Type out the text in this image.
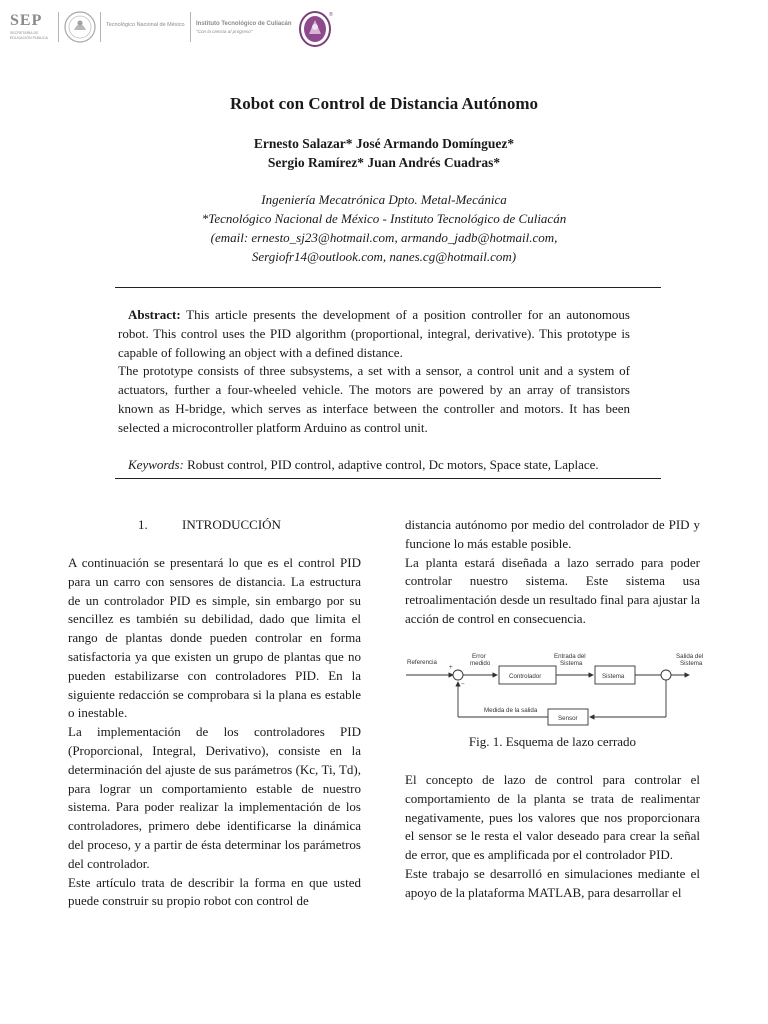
SEP
SECRETARÍA DE EDUCACIÓN PÚBLICA
Tecnológico Nacional de México Instituto Tecnológico de Culiacán
"Con la ciencia al progreso"
®
Robot con Control de Distancia Autónomo
Ernesto Salazar* José Armando Domínguez*
Sergio Ramírez* Juan Andrés Cuadras*
Ingeniería Mecatrónica Dpto. Metal-Mecánica
*Tecnológico Nacional de México - Instituto Tecnológico de Culiacán
(email: ernesto_sj23@hotmail.com, armando_jadb@hotmail.com,
Sergiofr14@outlook.com, nanes.cg@hotmail.com)

Abstract: This article presents the development of a position controller for an autonomous robot. This control uses the PID algorithm (proportional, integral, derivative). This prototype is capable of following an object with a defined distance.

The prototype consists of three subsystems, a set with a sensor, a control unit and a system of actuators, further a four-wheeled vehicle. The motors are powered by an array of transistors known as H-bridge, which serves as interface between the controller and motors. It has been selected a microcontroller platform Arduino as control unit.

Keywords: Robust control, PID control, adaptive control, Dc motors, Space state, Laplace.
1.	INTRODUCCIÓN

A continuación se presentará lo que es el control PID para un carro con sensores de distancia. La estructura de un controlador PID es simple, sin embargo por su sencillez es también su debilidad, dado que limita el rango de plantas donde pueden controlar en forma satisfactoria ya que existen un grupo de plantas que no pueden estabilizarse con controladores PID. En la siguiente redacción se comprobara si la plana es estable o inestable.

La implementación de los controladores PID (Proporcional, Integral, Derivativo), consiste en la determinación del ajuste de sus parámetros (Kc, Ti, Td), para lograr un comportamiento estable de nuestro sistema. Para poder realizar la implementación de los controladores, primero debe identificarse la dinámica del proceso, y a partir de ésta determinar los parámetros del controlador.

Este artículo trata de describir la forma en que usted puede construir su propio robot con control de

distancia autónomo por medio del controlador de PID y funcione lo más estable posible.

La planta estará diseñada a lazo serrado para poder controlar nuestro sistema. Este sistema usa retroalimentación desde un resultado final para ajustar la acción de control en consecuencia.

Referencia
+
−
Error
medido
Controlador
Entrada del
Sistema
Sistema
Salida del
Sistema
Sensor
Medida de la salida
Fig. 1. Esquema de lazo cerrado

El concepto de lazo de control para controlar el comportamiento de la planta se trata de realimentar negativamente, pues los valores que nos proporcionara el sensor se le resta el valor deseado para crear la señal de error, que es amplificada por el controlador PID.

Este trabajo se desarrolló en simulaciones mediante el apoyo de la plataforma MATLAB, para desarrollar el
